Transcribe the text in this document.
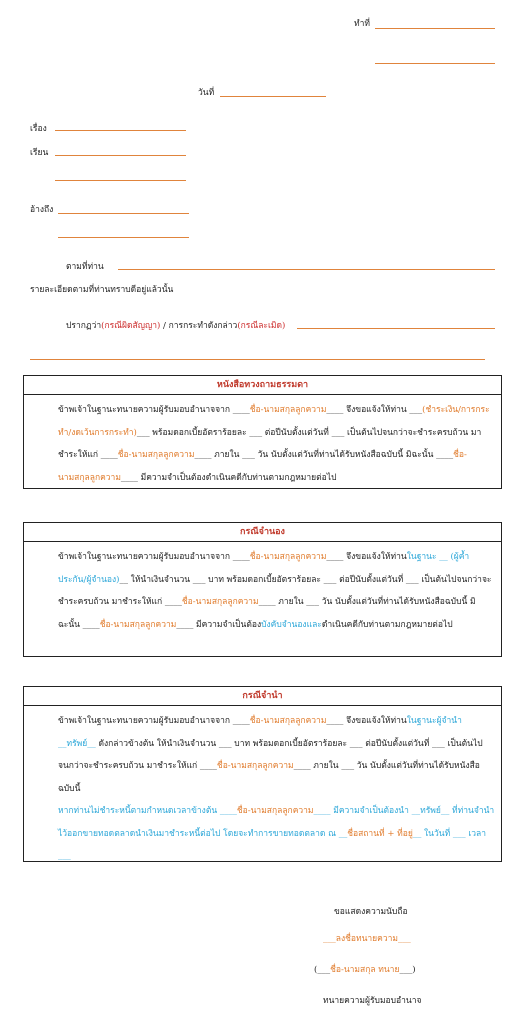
ทำที่
วันที่
เรื่อง
เรียน
อ้างถึง
ตามที่ท่าน
รายละเอียดตามที่ท่านทราบดีอยู่แล้วนั้น
ปรากฏว่า(กรณีผิดสัญญา) / การกระทำดังกล่าว(กรณีละเมิด)
หนังสือทวงถามธรรมดา

ข้าพเจ้าในฐานะทนายความผู้รับมอบอำนาจจาก ____ชื่อ-นามสกุลลูกความ____ จึงขอแจ้งให้ท่าน ___(ชำระเงิน/การกระทำ/งดเว้นการกระทำ)___ พร้อมดอกเบี้ยอัตราร้อยละ ___ ต่อปีนับตั้งแต่วันที่ ___ เป็นต้นไปจนกว่าจะชำระครบถ้วน มาชำระให้แก่ ____ชื่อ-นามสกุลลูกความ____ ภายใน ___ วัน นับตั้งแต่วันที่ท่านได้รับหนังสือฉบับนี้ มิฉะนั้น ____ชื่อ-นามสกุลลูกความ____ มีความจำเป็นต้องดำเนินคดีกับท่านตามกฎหมายต่อไป

กรณีจำนอง

ข้าพเจ้าในฐานะทนายความผู้รับมอบอำนาจจาก ____ชื่อ-นามสกุลลูกความ____ จึงขอแจ้งให้ท่านในฐานะ __ (ผู้ค้ำประกัน/ผู้จำนอง)__ ให้นำเงินจำนวน ___ บาท พร้อมดอกเบี้ยอัตราร้อยละ ___ ต่อปีนับตั้งแต่วันที่ ___ เป็นต้นไปจนกว่าจะชำระครบถ้วน มาชำระให้แก่ ____ชื่อ-นามสกุลลูกความ____ ภายใน ___ วัน นับตั้งแต่วันที่ท่านได้รับหนังสือฉบับนี้ มิฉะนั้น ____ชื่อ-นามสกุลลูกความ____ มีความจำเป็นต้องบังคับจำนองและดำเนินคดีกับท่านตามกฎหมายต่อไป

กรณีจำนำ

ข้าพเจ้าในฐานะทนายความผู้รับมอบอำนาจจาก ____ชื่อ-นามสกุลลูกความ____ จึงขอแจ้งให้ท่านในฐานะผู้จำนำ __ทรัพย์__ ดังกล่าวข้างต้น ให้นำเงินจำนวน ___ บาท พร้อมดอกเบี้ยอัตราร้อยละ ___ ต่อปีนับตั้งแต่วันที่ ___ เป็นต้นไปจนกว่าจะชำระครบถ้วน มาชำระให้แก่ ____ชื่อ-นามสกุลลูกความ____ ภายใน ___ วัน นับตั้งแต่วันที่ท่านได้รับหนังสือฉบับนี้

หากท่านไม่ชำระหนี้ตามกำหนดเวลาข้างต้น ____ชื่อ-นามสกุลลูกความ____ มีความจำเป็นต้องนำ __ทรัพย์__ ที่ท่านจำนำไว้ออกขายทอดตลาดนำเงินมาชำระหนี้ต่อไป โดยจะทำการขายทอดตลาด ณ __ชื่อสถานที่ + ที่อยู่__ ในวันที่ ___ เวลา ___

ขอแสดงความนับถือ
___ลงชื่อทนายความ___
(___ชื่อ-นามสกุล ทนาย___)
ทนายความผู้รับมอบอำนาจ
